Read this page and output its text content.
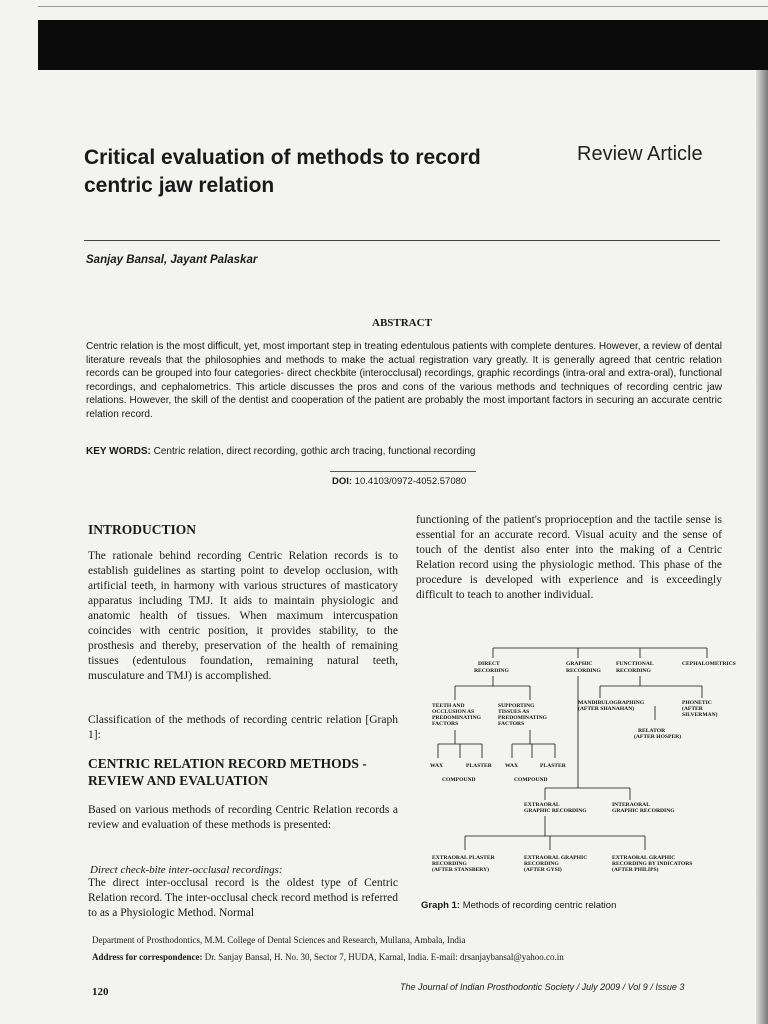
Critical evaluation of methods to record centric jaw relation
Review Article
Sanjay Bansal, Jayant Palaskar
ABSTRACT
Centric relation is the most difficult, yet, most important step in treating edentulous patients with complete dentures. However, a review of dental literature reveals that the philosophies and methods to make the actual registration vary greatly. It is generally agreed that centric relation records can be grouped into four categories- direct checkbite (interocclusal) recordings, graphic recordings (intra-oral and extra-oral), functional recordings, and cephalometrics. This article discusses the pros and cons of the various methods and techniques of recording centric jaw relations. However, the skill of the dentist and cooperation of the patient are probably the most important factors in securing an accurate centric relation record.
KEY WORDS: Centric relation, direct recording, gothic arch tracing, functional recording
DOI: 10.4103/0972-4052.57080
INTRODUCTION
The rationale behind recording Centric Relation records is to establish guidelines as starting point to develop occlusion, with artificial teeth, in harmony with various structures of masticatory apparatus including TMJ. It aids to maintain physiologic and anatomic health of tissues. When maximum intercuspation coincides with centric position, it provides stability, to the prosthesis and thereby, preservation of the health of remaining tissues (edentulous foundation, remaining natural teeth, musculature and TMJ) is accomplished.
Classification of the methods of recording centric relation [Graph 1]:
CENTRIC RELATION RECORD METHODS - REVIEW AND EVALUATION
Based on various methods of recording Centric Relation records a review and evaluation of these methods is presented:
Direct check-bite inter-occlusal recordings:
The direct inter-occlusal record is the oldest type of Centric Relation record. The inter-occlusal check record method is referred to as a Physiologic Method. Normal
functioning of the patient's proprioception and the tactile sense is essential for an accurate record. Visual acuity and the sense of touch of the dentist also enter into the making of a Centric Relation record using the physiologic method. This phase of the procedure is developed with experience and is exceedingly difficult to teach to another individual.
DIRECT
RECORDING
GRAPHIC
RECORDING
FUNCTIONAL
RECORDING
CEPHALOMETRICS
TEETH AND
OCCLUSION AS
PREDOMINATING
FACTORS
SUPPORTING
TISSUES AS
PREDOMINATING
FACTORS
MANDIBULOGRAPHING
(AFTER SHANAHAN)
PHONETIC
(AFTER
SILVERMAN)
RELATOR
(AFTER HOSPER)
WAX	PLASTER
COMPOUND
WAX	PLASTER
COMPOUND
EXTRAORAL
GRAPHIC RECORDING
INTERAORAL
GRAPHIC RECORDING
EXTRAORAL PLASTER
RECORDING
(AFTER STANSBERY)
EXTRAORAL GRAPHIC
RECORDING
(AFTER GYSI)
EXTRAORAL GRAPHIC
RECORDING BY INDICATORS
(AFTER PHILIPS)
Graph 1: Methods of recording centric relation
Department of Prosthodontics, M.M. College of Dental Sciences and Research, Mullana, Ambala, India
Address for correspondence: Dr. Sanjay Bansal, H. No. 30, Sector 7, HUDA, Karnal, India. E-mail: drsanjaybansal@yahoo.co.in
120	The Journal of Indian Prosthodontic Society / July 2009 / Vol 9 / Issue 3
